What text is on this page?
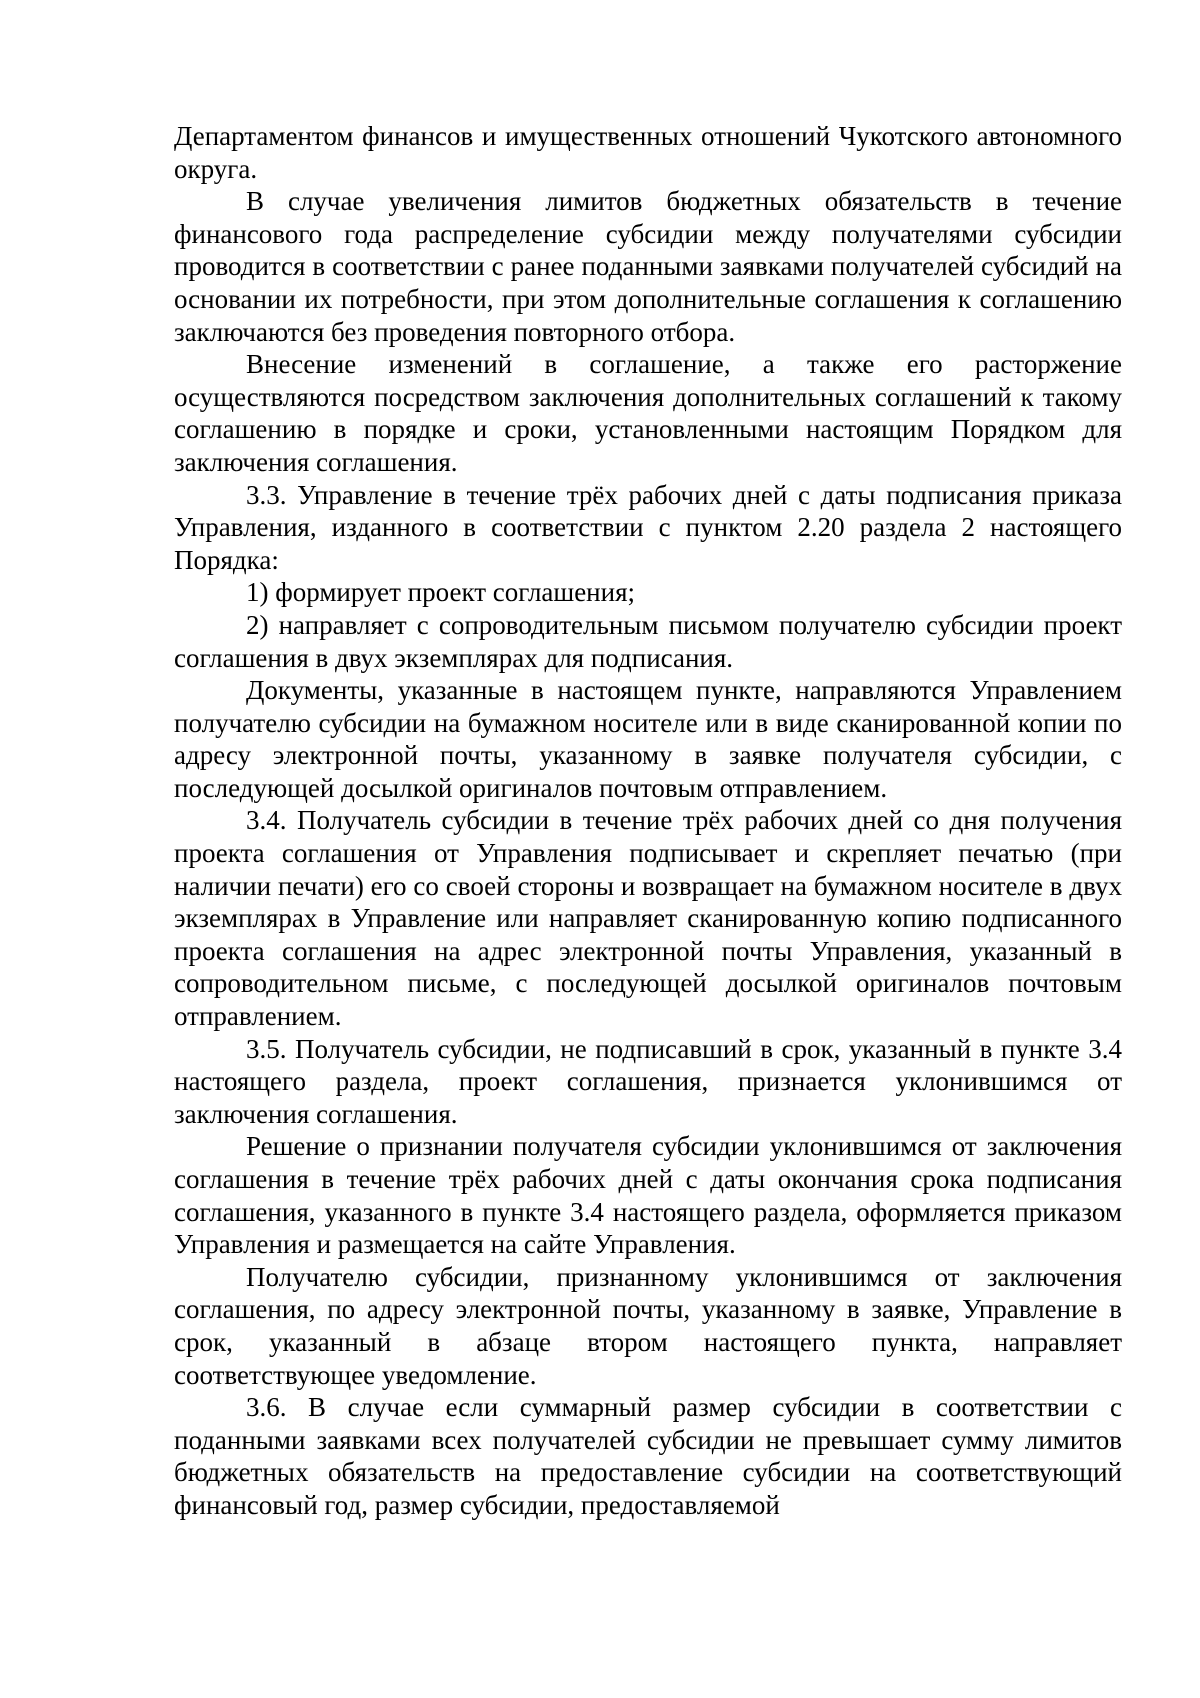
Департаментом финансов и имущественных отношений Чукотского автономного округа.

В случае увеличения лимитов бюджетных обязательств в течение финансового года распределение субсидии между получателями субсидии проводится в соответствии с ранее поданными заявками получателей субсидий на основании их потребности, при этом дополнительные соглашения к соглашению заключаются без проведения повторного отбора.

Внесение изменений в соглашение, а также его расторжение осуществляются посредством заключения дополнительных соглашений к такому соглашению в порядке и сроки, установленными настоящим Порядком для заключения соглашения.

3.3. Управление в течение трёх рабочих дней с даты подписания приказа Управления, изданного в соответствии с пунктом 2.20 раздела 2 настоящего Порядка:

1) формирует проект соглашения;

2) направляет с сопроводительным письмом получателю субсидии проект соглашения в двух экземплярах для подписания.

Документы, указанные в настоящем пункте, направляются Управлением получателю субсидии на бумажном носителе или в виде сканированной копии по адресу электронной почты, указанному в заявке получателя субсидии, с последующей досылкой оригиналов почтовым отправлением.

3.4. Получатель субсидии в течение трёх рабочих дней со дня получения проекта соглашения от Управления подписывает и скрепляет печатью (при наличии печати) его со своей стороны и возвращает на бумажном носителе в двух экземплярах в Управление или направляет сканированную копию подписанного проекта соглашения на адрес электронной почты Управления, указанный в сопроводительном письме, с последующей досылкой оригиналов почтовым отправлением.

3.5. Получатель субсидии, не подписавший в срок, указанный в пункте 3.4 настоящего раздела, проект соглашения, признается уклонившимся от заключения соглашения.

Решение о признании получателя субсидии уклонившимся от заключения соглашения в течение трёх рабочих дней с даты окончания срока подписания соглашения, указанного в пункте 3.4 настоящего раздела, оформляется приказом Управления и размещается на сайте Управления.

Получателю субсидии, признанному уклонившимся от заключения соглашения, по адресу электронной почты, указанному в заявке, Управление в срок, указанный в абзаце втором настоящего пункта, направляет соответствующее уведомление.

3.6. В случае если суммарный размер субсидии в соответствии с поданными заявками всех получателей субсидии не превышает сумму лимитов бюджетных обязательств на предоставление субсидии на соответствующий финансовый год, размер субсидии, предоставляемой
